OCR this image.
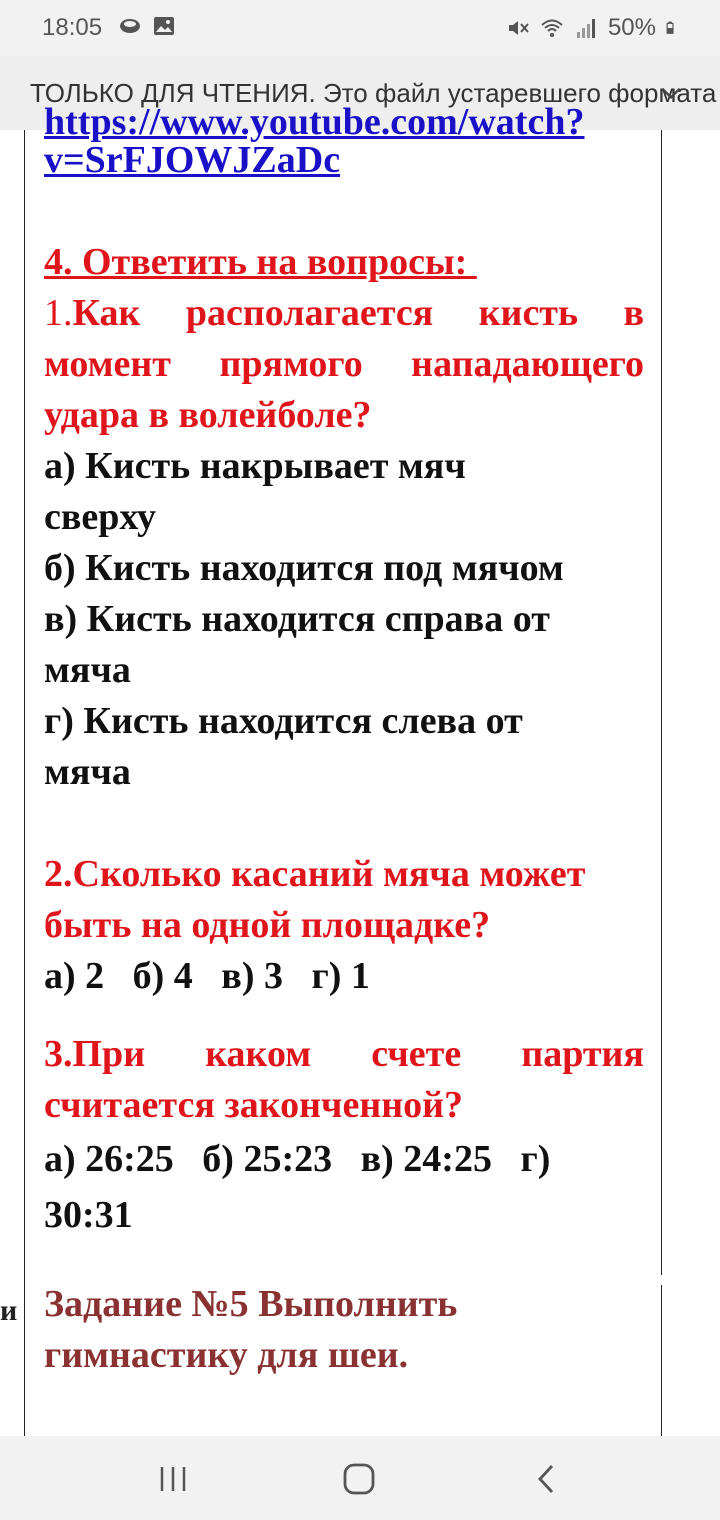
18:05	50%
ТОЛЬКО ДЛЯ ЧТЕНИЯ. Это файл устаревшего формата
и
https://www.youtube.com/watch?
v=SrFJOWJZaDc
4. Ответить на вопросы:
1.Как располагается кисть в
момент прямого нападающего
удара в волейболе?
а) Кисть накрывает мяч сверху
б) Кисть находится под мячом
в) Кисть находится справа от мяча
г) Кисть находится слева от мяча
2.Сколько касаний мяча может
быть на одной площадке?
а) 2   б) 4   в) 3   г) 1
3.При каком счете партия
считается законченной?
а) 26:25   б) 25:23   в) 24:25   г) 30:31
Задание №5 Выполнить гимнастику для шеи.
